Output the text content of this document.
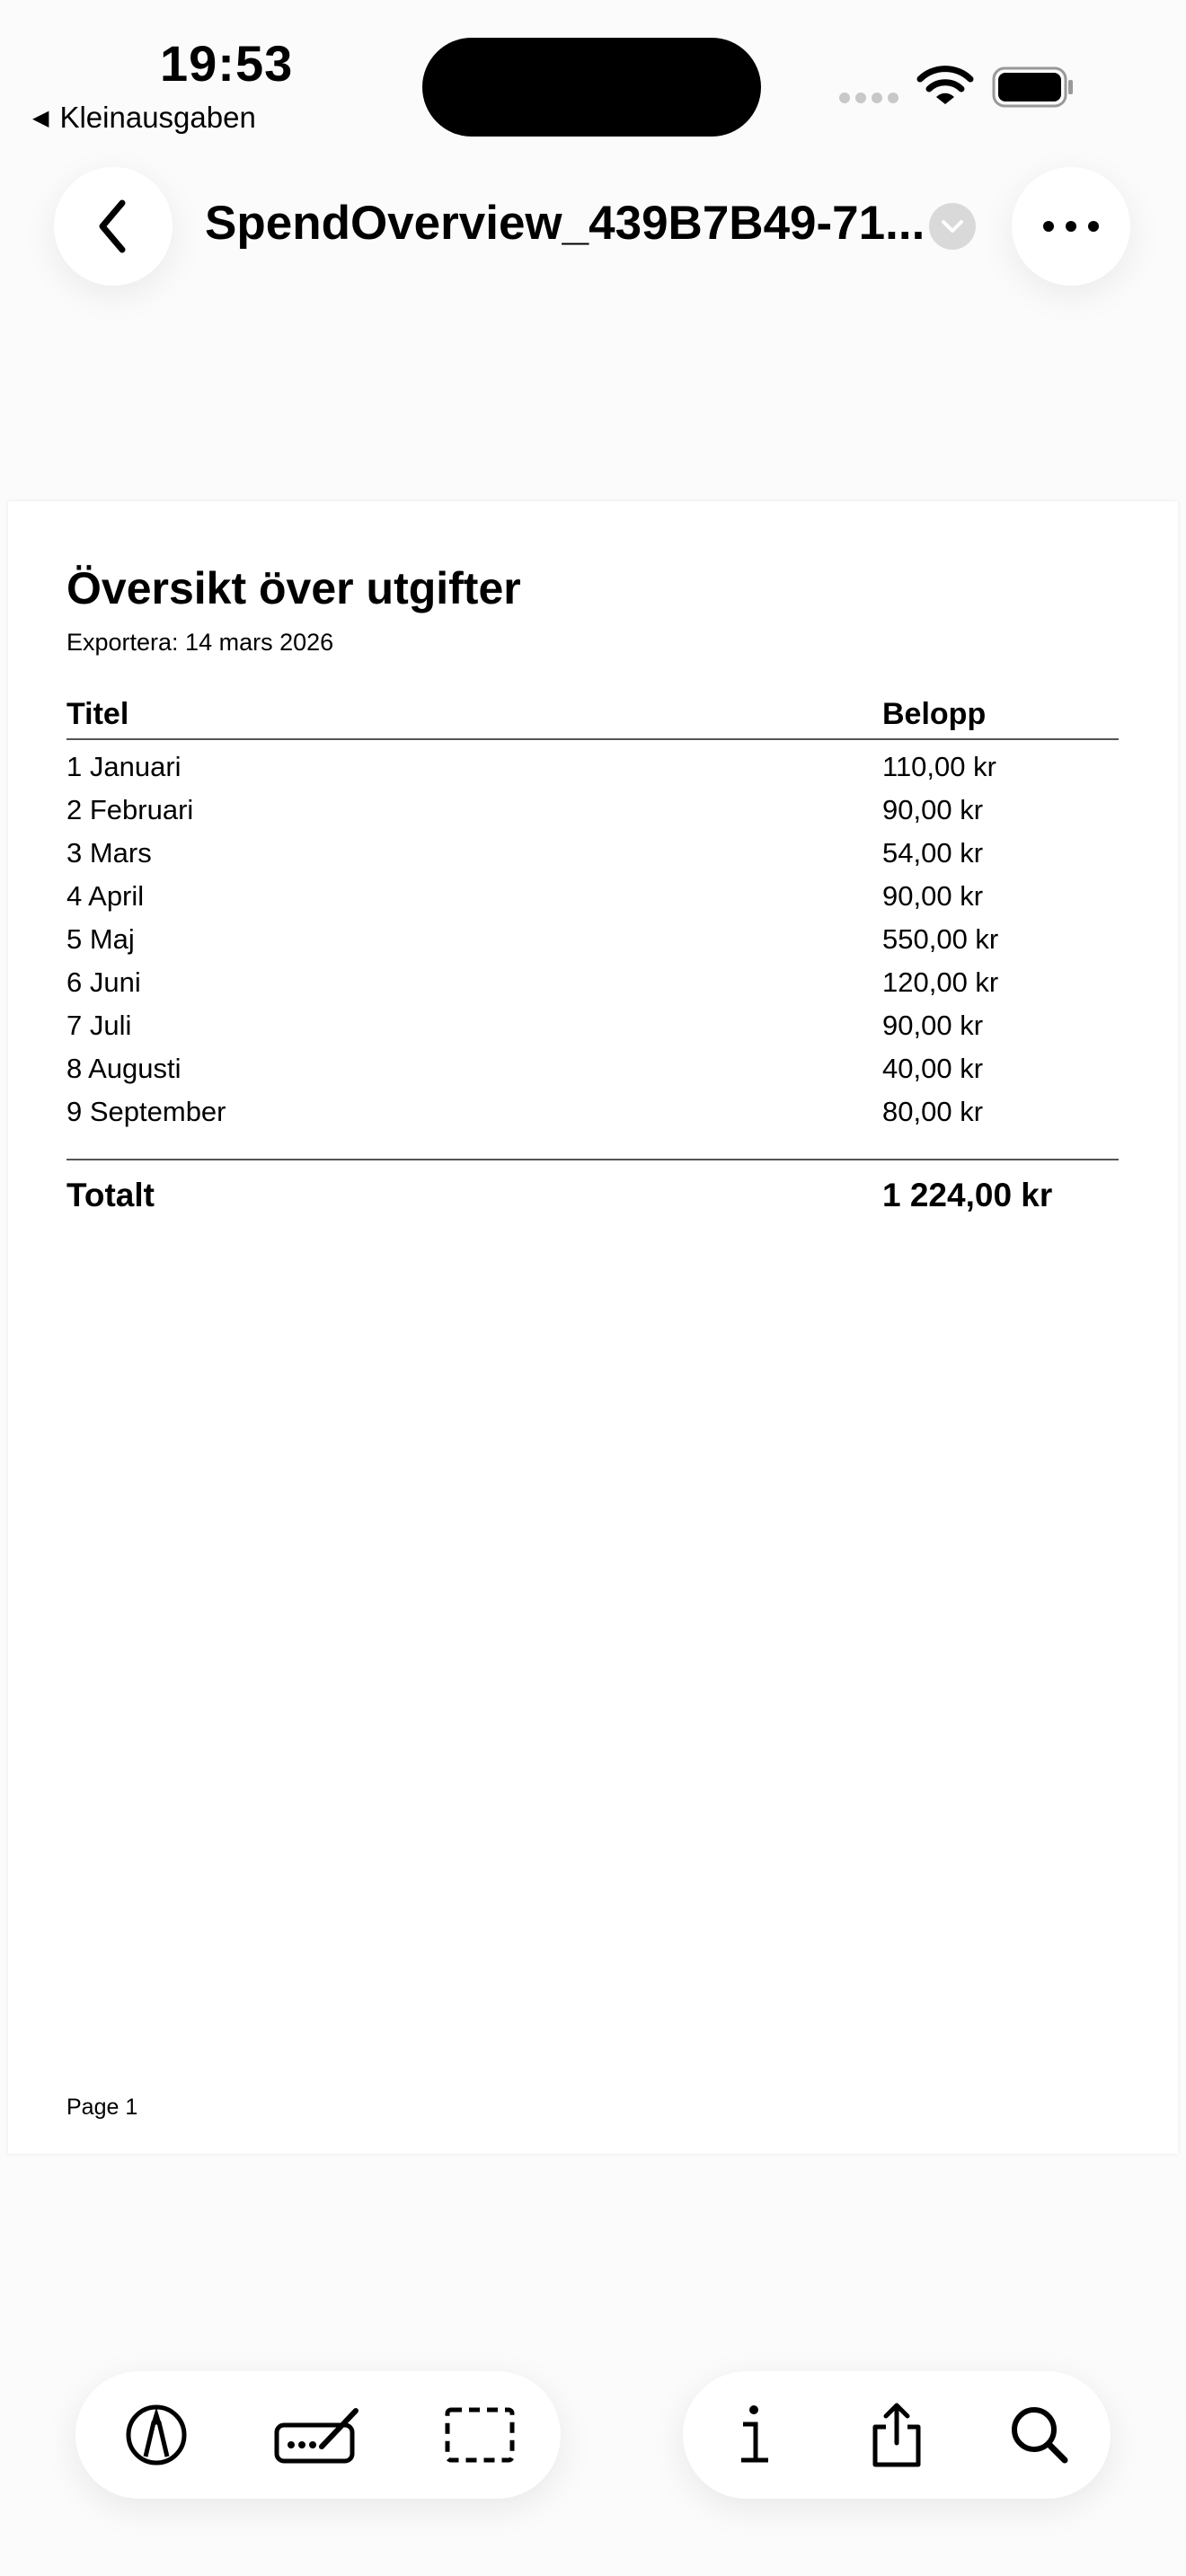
19:53
◀ Kleinausgaben
SpendOverview_439B7B49-71...
Översikt över utgifter
Exportera: 14 mars 2026
Titel	Belopp
1 Januari	110,00 kr
2 Februari	90,00 kr
3 Mars	54,00 kr
4 April	90,00 kr
5 Maj	550,00 kr
6 Juni	120,00 kr
7 Juli	90,00 kr
8 Augusti	40,00 kr
9 September	80,00 kr
Totalt	1 224,00 kr
Page 1
